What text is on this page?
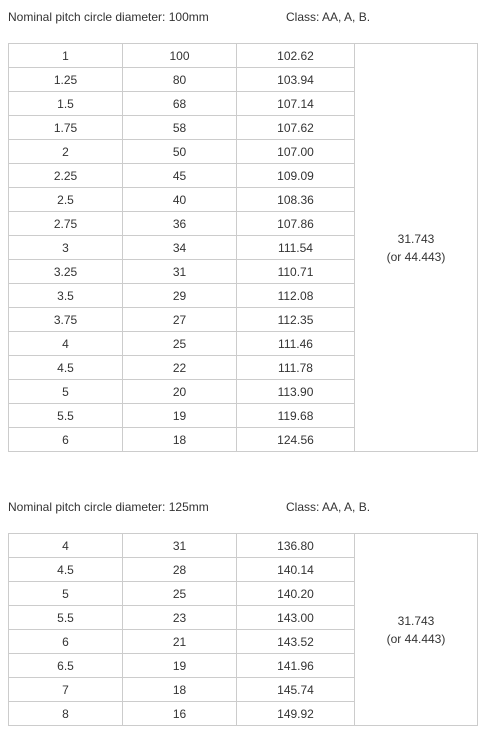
Nominal pitch circle diameter: 100mm	Class: AA, A, B.
1	100	102.62	31.743
(or 44.443)

1.25	80	103.94	
1.5	68	107.14	
1.75	58	107.62	
2	50	107.00	
2.25	45	109.09	
2.5	40	108.36	
2.75	36	107.86	
3	34	111.54	
3.25	31	110.71	
3.5	29	112.08	
3.75	27	112.35	
4	25	111.46	
4.5	22	111.78	
5	20	113.90	
5.5	19	119.68	
6	18	124.56	
Nominal pitch circle diameter: 125mm	Class: AA, A, B.
4	31	136.80	31.743
(or 44.443)

4.5	28	140.14	
5	25	140.20	
5.5	23	143.00	
6	21	143.52	
6.5	19	141.96	
7	18	145.74	
8	16	149.92	
